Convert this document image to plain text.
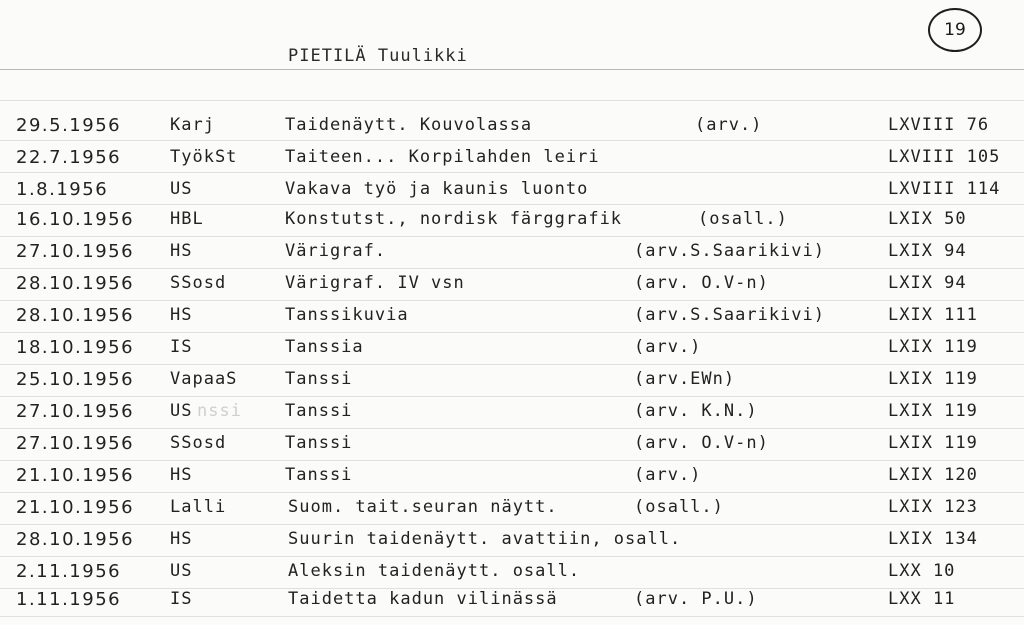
PIETILÄ Tuulikki
19
29.5.1956	Karj	Taidenäytt. Kouvolassa	(arv.)	LXVIII 76
22.7.1956	TyökSt	Taiteen... Korpilahden leiri	LXVIII 105
1.8.1956	US	Vakava työ ja kaunis luonto	LXVIII 114
16.10.1956 HBL	Konstutst., nordisk färggrafik	(osall.)	LXIX 50
27.10.1956 HS	Värigraf.	(arv.S.Saarikivi)	LXIX 94
28.10.1956 SSosd	Värigraf. IV vsn	(arv. O.V-n)	LXIX 94
28.10.1956 HS	Tanssikuvia	(arv.S.Saarikivi)	LXIX 111
18.10.1956 IS	Tanssia	(arv.)	LXIX 119
25.10.1956 VapaaS	Tanssi	(arv.EWn)	LXIX 119
27.10.1956 US nssi	Tanssi	(arv. K.N.)	LXIX 119
27.10.1956 SSosd	Tanssi	(arv. O.V-n)	LXIX 119
21.10.1956 HS	Tanssi	(arv.)	LXIX 120
21.10.1956 Lalli	Suom. tait.seuran näytt.	(osall.)	LXIX 123
28.10.1956 HS	Suurin taidenäytt. avattiin, osall.	LXIX 134
2.11.1956	US	Aleksin taidenäytt. osall.	LXX 10
1.11.1956	IS	Taidetta kadun vilinässä	(arv. P.U.)	LXX 11
